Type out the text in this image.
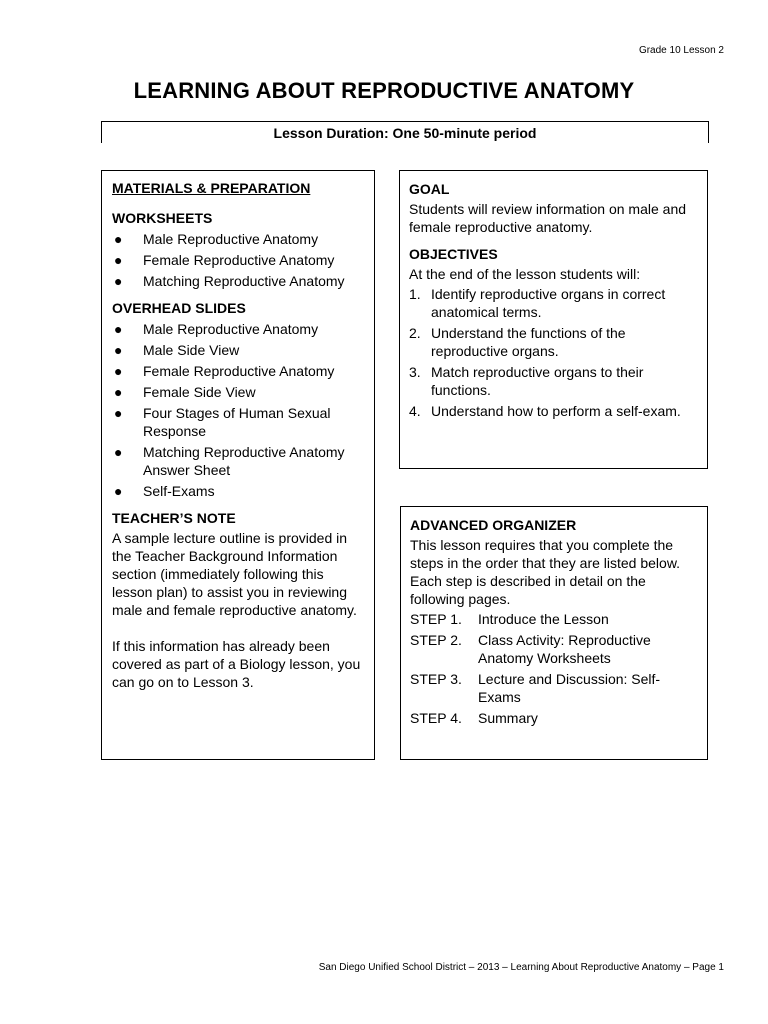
Grade 10 Lesson 2
LEARNING ABOUT REPRODUCTIVE ANATOMY
Lesson Duration: One 50-minute period
MATERIALS & PREPARATION
WORKSHEETS
● Male Reproductive Anatomy
● Female Reproductive Anatomy
● Matching Reproductive Anatomy
OVERHEAD SLIDES
● Male Reproductive Anatomy
● Male Side View
● Female Reproductive Anatomy
● Female Side View
● Four Stages of Human Sexual Response
● Matching Reproductive Anatomy Answer Sheet
● Self-Exams
TEACHER’S NOTE

A sample lecture outline is provided in the Teacher Background Information section (immediately following this lesson plan) to assist you in reviewing male and female reproductive anatomy.

If this information has already been covered as part of a Biology lesson, you can go on to Lesson 3.

GOAL

Students will review information on male and female reproductive anatomy.

OBJECTIVES

At the end of the lesson students will:

1. Identify reproductive organs in correct anatomical terms.
2. Understand the functions of the reproductive organs.
3. Match reproductive organs to their functions.
4. Understand how to perform a self-exam.
ADVANCED ORGANIZER

This lesson requires that you complete the steps in the order that they are listed below. Each step is described in detail on the following pages.

STEP 1.	Introduce the Lesson
STEP 2.	Class Activity: Reproductive Anatomy Worksheets
STEP 3.	Lecture and Discussion: Self-Exams
STEP 4.	Summary
San Diego Unified School District – 2013 – Learning About Reproductive Anatomy – Page 1
